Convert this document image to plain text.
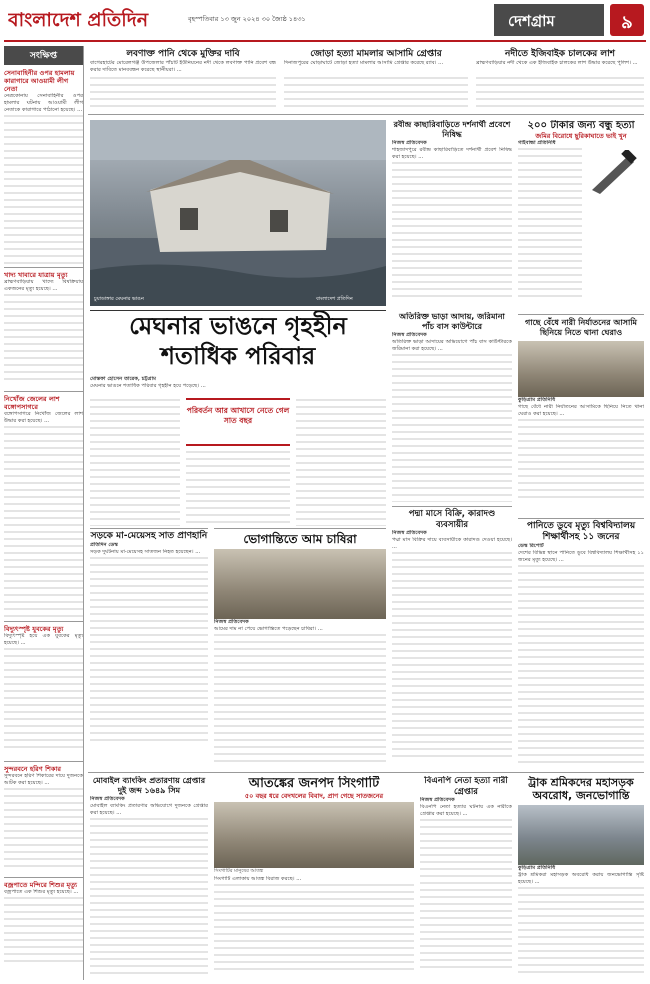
বাংলাদেশ প্রতিদিন	বৃহস্পতিবার ১৩ জুন ২০২৪ ৩০ জ্যৈষ্ঠ ১৪৩১	দেশগ্রাম	৯
লবণাক্ত পানি থেকে মুক্তির দাবি
বাগেরহাটের মোরেলগঞ্জ উপজেলার পাঁচটি ইউনিয়নের নদী থেকে লবণাক্ত পানি প্রবেশ বন্ধ করার দাবিতে মানববন্ধন করেছে স্থানীয়রা। ...
জোড়া হত্যা মামলার আসামি গ্রেপ্তার
দিনাজপুরের ঘোড়াঘাটে জোড়া হত্যা মামলার আসামি গ্রেপ্তার করেছে র‍্যাব। ...
নদীতে ইজিবাইক চালকের লাশ
ব্রাহ্মণবাড়িয়ার নদী থেকে এক ইজিবাইক চালকের লাশ উদ্ধার করেছে পুলিশ। ...
সংক্ষিপ্ত
সেনাবাহিনীর ওপর হামলায় কারাগারে আওয়ামী লীগ নেতা
নেত্রকোনায় সেনাবাহিনীর ওপর হামলার ঘটনায় আওয়ামী লীগ নেতাকে কারাগারে পাঠানো হয়েছে। ...
খাদ্য খাবারে যাত্রায় মৃত্যু
ব্রাহ্মণবাড়িয়ায় খাদ্যে বিষক্রিয়ায় একজনের মৃত্যু হয়েছে। ...
নিখোঁজ জেলের লাশ বঙ্গোপসাগরে
বঙ্গোপসাগরে নিখোঁজ জেলের লাশ উদ্ধার করা হয়েছে। ...
বিদ্যুৎস্পৃষ্ট যুবকের মৃত্যু
বিদ্যুৎস্পৃষ্ট হয়ে এক যুবকের মৃত্যু হয়েছে। ...
সুন্দরবনে হরিণ শিকার
সুন্দরবনে হরিণ শিকারের দায়ে দুজনকে আটক করা হয়েছে। ...
বজ্রপাতে মন্দিরে শিশুর মৃত্যু
বজ্রপাতে এক শিশুর মৃত্যু হয়েছে। ...
চুয়াডাঙ্গার মেঘনার ভাঙন	বাংলাদেশ প্রতিদিন
রবীন্দ্র কাছারিবাড়িতে দর্শনার্থী প্রবেশে নিষিদ্ধ
নিজস্ব প্রতিবেদক
শাহজাদপুরে রবীন্দ্র কাছারিবাড়িতে দর্শনার্থী প্রবেশ নিষিদ্ধ করা হয়েছে। ...
২০০ টাকার জন্য বন্ধু হত্যা
জমির বিরোধে ছুরিকাঘাতে ভাই খুন
গাইবান্ধা প্রতিনিধি
মেঘনার ভাঙনে গৃহহীন
শতাধিক পরিবার
অতিরিক্ত ভাড়া আদায়, জরিমানা পাঁচ বাস কাউন্টারে
নিজস্ব প্রতিবেদক
অতিরিক্ত ভাড়া আদায়ের অভিযোগে পাঁচ বাস কাউন্টারকে জরিমানা করা হয়েছে। ...
গাছে বেঁধে নারী নির্যাতনের আসামি ছিনিয়ে নিতে থানা ঘেরাও
কুড়িগ্রাম প্রতিনিধি
গাছে বেঁধে নারী নির্যাতনের আসামিকে ছিনিয়ে নিতে থানা ঘেরাও করা হয়েছে। ...
মোস্তফা হোসেন তারেক, চট্টগ্রাম
মেঘনার ভাঙনে শতাধিক পরিবার গৃহহীন হয়ে পড়েছে। ...
পরিবর্তন আর আখাসে নেতে গেল সাত বছর
সড়কে মা-মেয়েসহ সাত প্রাণহানি
প্রতিদিন ডেস্ক
সড়ক দুর্ঘটনায় মা-মেয়েসহ সাতজন নিহত হয়েছেন। ...
ভোগান্তিতে আম চাষিরা
নিজস্ব প্রতিবেদক
আমের দাম না পেয়ে ভোগান্তিতে পড়েছেন চাষিরা। ...
পদ্মা মাসে বিক্রি, কারাদণ্ড ব্যবসায়ীর
নিজস্ব প্রতিবেদক
পদ্মা মাস বিক্রির দায়ে ব্যবসায়ীকে কারাদণ্ড দেওয়া হয়েছে। ...
পানিতে ডুবে মৃত্যু বিশ্ববিদ্যালয় শিক্ষার্থীসহ ১১ জনের
ডেস্ক রিপোর্ট
দেশের বিভিন্ন স্থানে পানিতে ডুবে বিশ্ববিদ্যালয় শিক্ষার্থীসহ ১১ জনের মৃত্যু হয়েছে। ...
মোবাইল ব্যাংকিং প্রতারণায় গ্রেপ্তার দুই জব্দ ১৬৪৯ সিম
নিজস্ব প্রতিবেদক
মোবাইল ব্যাংকিং প্রতারণার অভিযোগে দুজনকে গ্রেপ্তার করা হয়েছে। ...
আতঙ্কের জনপদ সিংগাটি
৫০ বছর ধরে বেদখলের বিবাদ, প্রাণ গেছে সাতজনের
সিংগাটির মানুষের আতঙ্ক
সিংগাটি এলাকায় আতঙ্ক বিরাজ করছে। ...
বিএনপি নেতা হত্যা নারী গ্রেপ্তার
নিজস্ব প্রতিবেদক
বিএনপি নেতা হত্যার ঘটনায় এক নারীকে গ্রেপ্তার করা হয়েছে। ...
ট্রাক শ্রমিকদের মহাসড়ক অবরোধ, জনভোগান্তি
কুড়িগ্রাম প্রতিনিধি
ট্রাক শ্রমিকরা মহাসড়ক অবরোধ করায় জনভোগান্তি সৃষ্টি হয়েছে। ...
